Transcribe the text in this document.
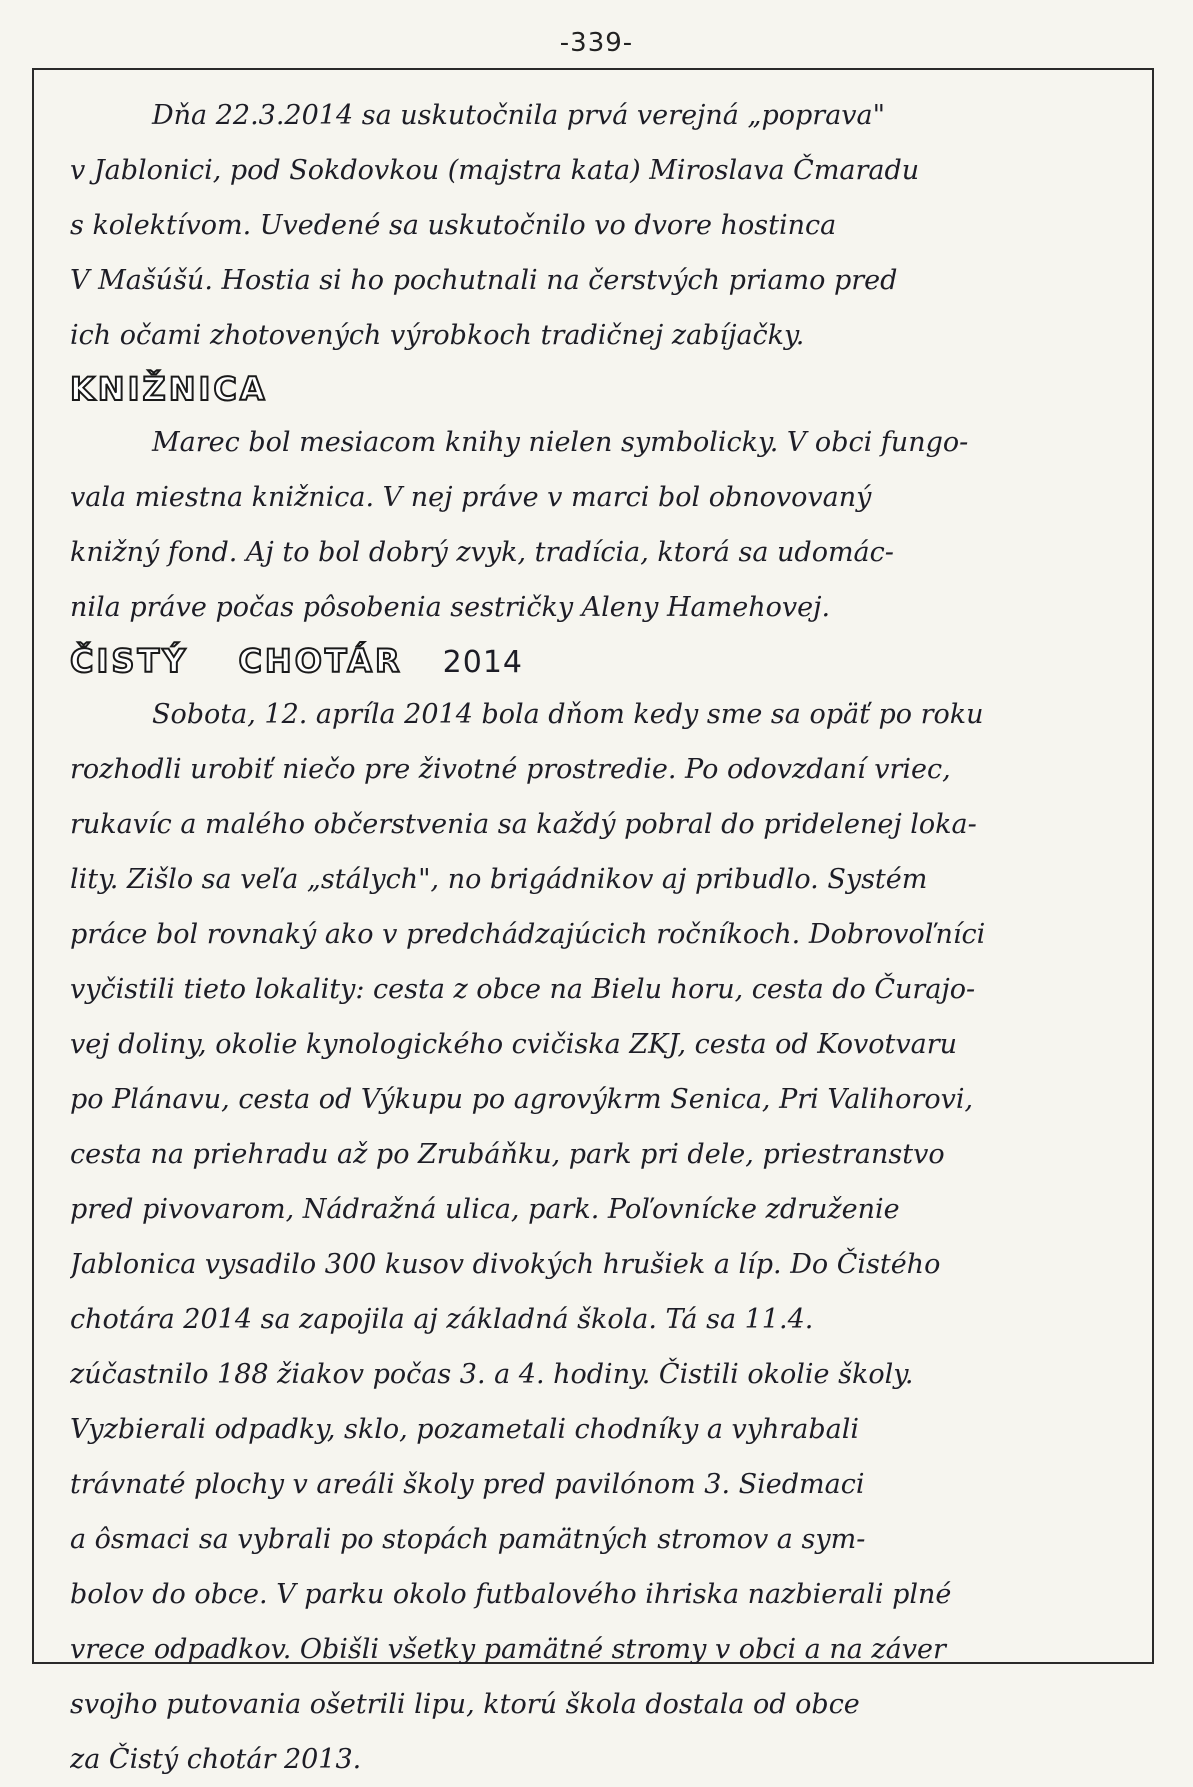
-339-
Dňa 22.3.2014 sa uskutočnila prvá verejná „poprava"
v Jablonici, pod Sokdovkou (majstra kata) Miroslava Čmaradu
s kolektívom. Uvedené sa uskutočnilo vo dvore hostinca
V Mašúšú. Hostia si ho pochutnali na čerstvých priamo pred
ich očami zhotovených výrobkoch tradičnej zabíjačky.
KNIŽNICA
Marec bol mesiacom knihy nielen symbolicky. V obci fungo-
vala miestna knižnica. V nej práve v marci bol obnovovaný
knižný fond. Aj to bol dobrý zvyk, tradícia, ktorá sa udomác-
nila práve počas pôsobenia sestričky Aleny Hamehovej.
ČISTÝ CHOTÁR 2014
Sobota, 12. apríla 2014 bola dňom kedy sme sa opäť po roku
rozhodli urobiť niečo pre životné prostredie. Po odovzdaní vriec,
rukavíc a malého občerstvenia sa každý pobral do pridelenej loka-
lity. Zišlo sa veľa „stálych", no brigádnikov aj pribudlo. Systém
práce bol rovnaký ako v predchádzajúcich ročníkoch. Dobrovoľníci
vyčistili tieto lokality: cesta z obce na Bielu horu, cesta do Čurajo-
vej doliny, okolie kynologického cvičiska ZKJ, cesta od Kovotvaru
po Plánavu, cesta od Výkupu po agrovýkrm Senica, Pri Valihorovi,
cesta na priehradu až po Zrubáňku, park pri dele, priestranstvo
pred pivovarom, Nádražná ulica, park. Poľovnícke združenie
Jablonica vysadilo 300 kusov divokých hrušiek a líp. Do Čistého
chotára 2014 sa zapojila aj základná škola. Tá sa 11.4.
zúčastnilo 188 žiakov počas 3. a 4. hodiny. Čistili okolie školy.
Vyzbierali odpadky, sklo, pozametali chodníky a vyhrabali
trávnaté plochy v areáli školy pred pavilónom 3. Siedmaci
a ôsmaci sa vybrali po stopách pamätných stromov a sym-
bolov do obce. V parku okolo futbalového ihriska nazbierali plné
vrece odpadkov. Obišli všetky pamätné stromy v obci a na záver
svojho putovania ošetrili lipu, ktorú škola dostala od obce
za Čistý chotár 2013.
